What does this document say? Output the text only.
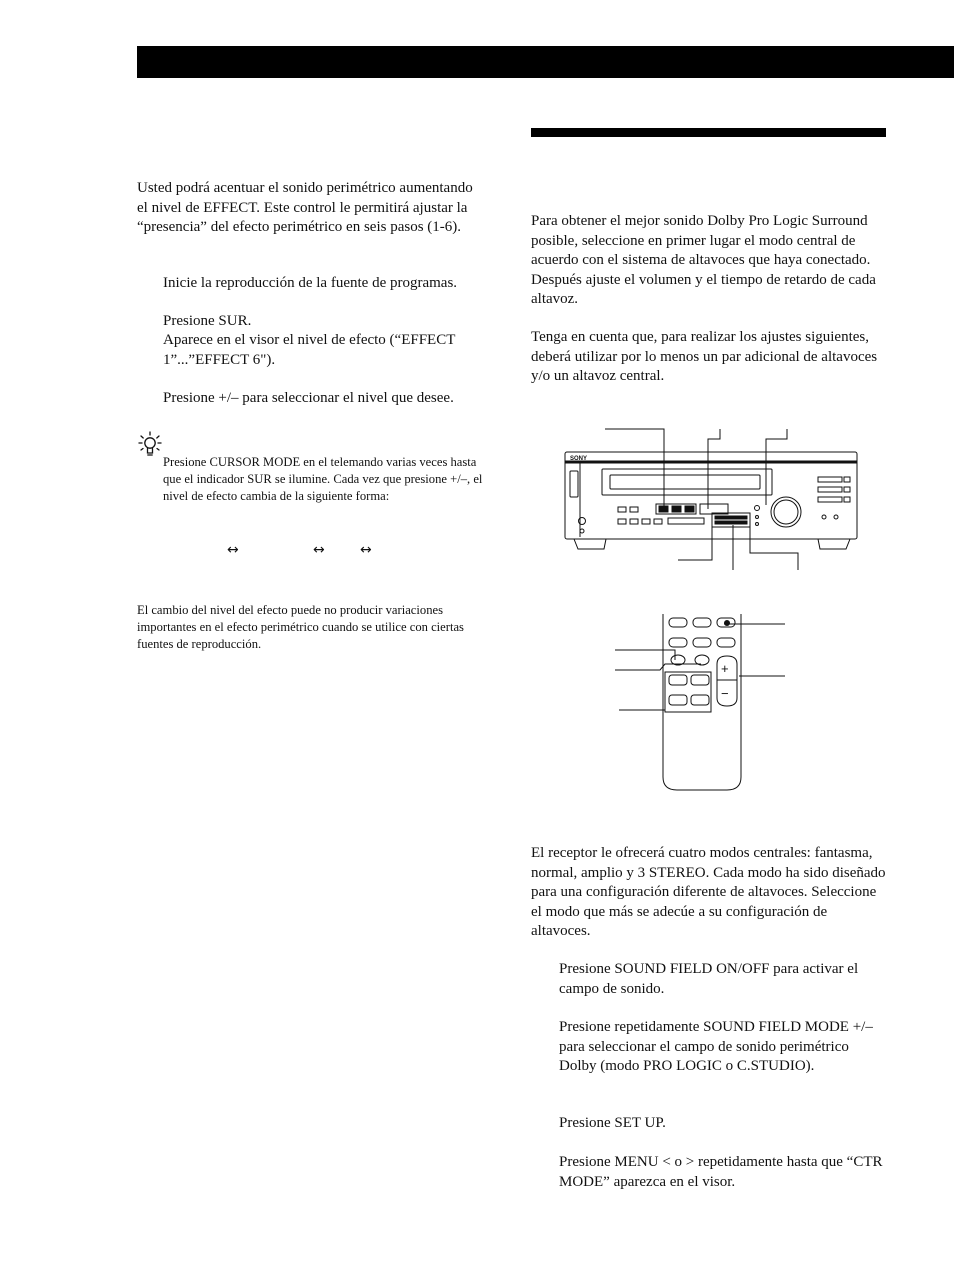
Usted podrá acentuar el sonido perimétrico aumentando el nivel de EFFECT. Este control le permitirá ajustar la “presencia” del efecto perimétrico en seis pasos (1-6).

Inicie la reproducción de la fuente de programas.

Presione SUR.

Aparece en el visor el nivel de efecto (“EFFECT 1”...”EFFECT 6").

Presione +/– para seleccionar el nivel que desee.

Presione CURSOR MODE en el telemando varias veces hasta que el indicador SUR se ilumine. Cada vez que presione +/–, el nivel de efecto cambia de la siguiente forma:

↔	↔	↔

El cambio del nivel del efecto puede no producir variaciones importantes en el efecto perimétrico cuando se utilice con ciertas fuentes de reproducción.

Para obtener el mejor sonido Dolby Pro Logic Surround posible, seleccione en primer lugar el modo central de acuerdo con el sistema de altavoces que haya conectado. Después ajuste el volumen y el tiempo de retardo de cada altavoz.

Tenga en cuenta que, para realizar los ajustes siguientes, deberá utilizar por lo menos un par adicional de altavoces y/o un altavoz central.

SONY
+
−

El receptor le ofrecerá cuatro modos centrales: fantasma, normal, amplio y 3 STEREO. Cada modo ha sido diseñado para una configuración diferente de altavoces. Seleccione el modo que más se adecúe a su configuración de altavoces.

Presione SOUND FIELD ON/OFF para activar el campo de sonido.

Presione repetidamente SOUND FIELD MODE +/– para seleccionar el campo de sonido perimétrico Dolby (modo PRO LOGIC o C.STUDIO).

Presione SET UP.

Presione MENU < o > repetidamente hasta que “CTR MODE” aparezca en el visor.
